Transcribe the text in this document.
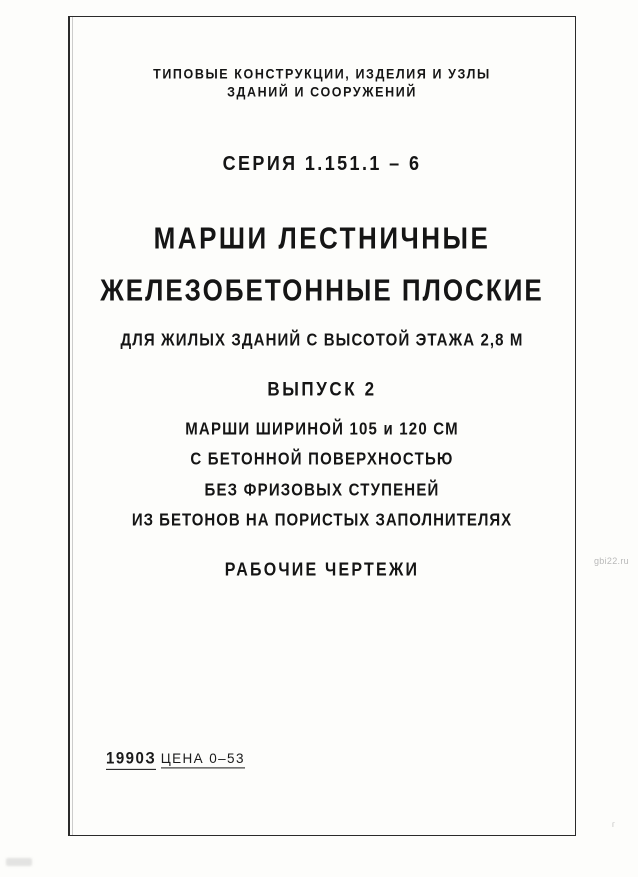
ТИПОВЫЕ КОНСТРУКЦИИ, ИЗДЕЛИЯ И УЗЛЫ
ЗДАНИЙ И СООРУЖЕНИЙ
СЕРИЯ 1.151.1 – 6
МАРШИ ЛЕСТНИЧНЫЕ
ЖЕЛЕЗОБЕТОННЫЕ ПЛОСКИЕ
ДЛЯ ЖИЛЫХ ЗДАНИЙ С ВЫСОТОЙ ЭТАЖА 2,8 М
ВЫПУСК 2
МАРШИ ШИРИНОЙ 105 и 120 СМ
С БЕТОННОЙ ПОВЕРХНОСТЬЮ
БЕЗ ФРИЗОВЫХ СТУПЕНЕЙ
ИЗ БЕТОНОВ НА ПОРИСТЫХ ЗАПОЛНИТЕЛЯХ
РАБОЧИЕ ЧЕРТЕЖИ
1990З ЦЕНА 0–53
gbi22.ru
г
